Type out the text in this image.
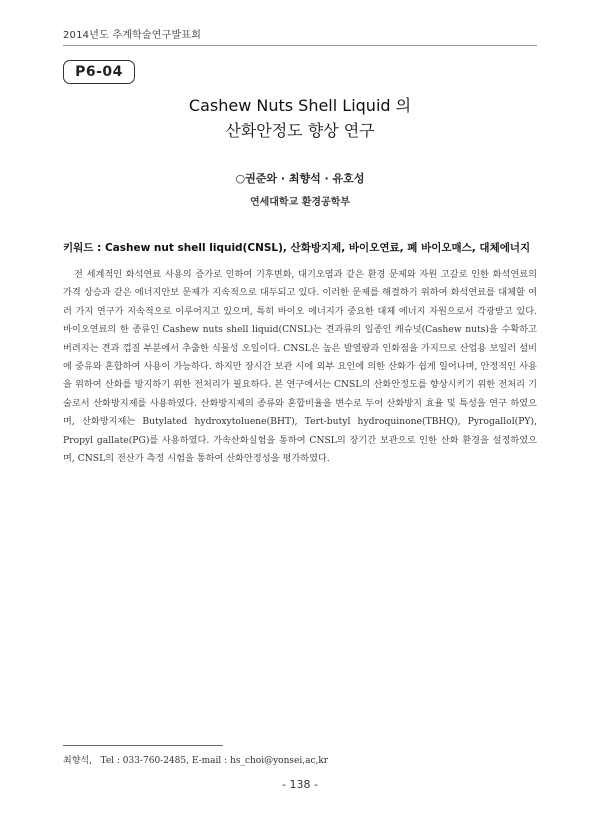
2014년도 추계학술연구발표회
P6-04
Cashew Nuts Shell Liquid 의
산화안정도 향상 연구
○권준와 · 최향석 · 유호성
연세대학교 환경공학부
키워드 : Cashew nut shell liquid(CNSL), 산화방지제, 바이오연료, 폐 바이오매스, 대체에너지

전 세계적인 화석연료 사용의 증가로 인하여 기후변화, 대기오염과 같은 환경 문제와 자원 고갈로 인한 화석연료의 가격 상승과 같은 에너지안보 문제가 지속적으로 대두되고 있다. 이러한 문제를 해결하기 위하여 화석연료를 대체할 여러 가지 연구가 지속적으로 이루어지고 있으며, 특히 바이오 에너지가 중요한 대체 에너지 자원으로서 각광받고 있다. 바이오연료의 한 종류인 Cashew nuts shell liquid(CNSL)는 견과류의 일종인 캐슈넛(Cashew nuts)을 수확하고 버려지는 견과 껍질 부분에서 추출한 식물성 오일이다. CNSL은 높은 발열량과 인화점을 가지므로 산업용 보일러 설비에 중유와 혼합하여 사용이 가능하다. 하지만 장시간 보관 시에 외부 요인에 의한 산화가 쉽게 일어나며, 안정적인 사용을 위하여 산화를 방지하기 위한 전처리가 필요하다. 본 연구에서는 CNSL의 산화안정도를 향상시키기 위한 전처리 기술로서 산화방지제를 사용하였다. 산화방지제의 종류와 혼합비율을 변수로 두어 산화방지 효율 및 특성을 연구 하였으며, 산화방지제는 Butylated hydroxytoluene(BHT), Tert-butyl hydroquinone(TBHQ), Pyrogallol(PY), Propyl gallate(PG)를 사용하였다. 가속산화실험을 통하여 CNSL의 장기간 보관으로 인한 산화 환경을 설정하였으며, CNSL의 전산가 측정 시험을 통하여 산화안정성을 평가하였다.

최향석,   Tel : 033-760-2485, E-mail : hs_choi@yonsei,ac,kr
- 138 -
